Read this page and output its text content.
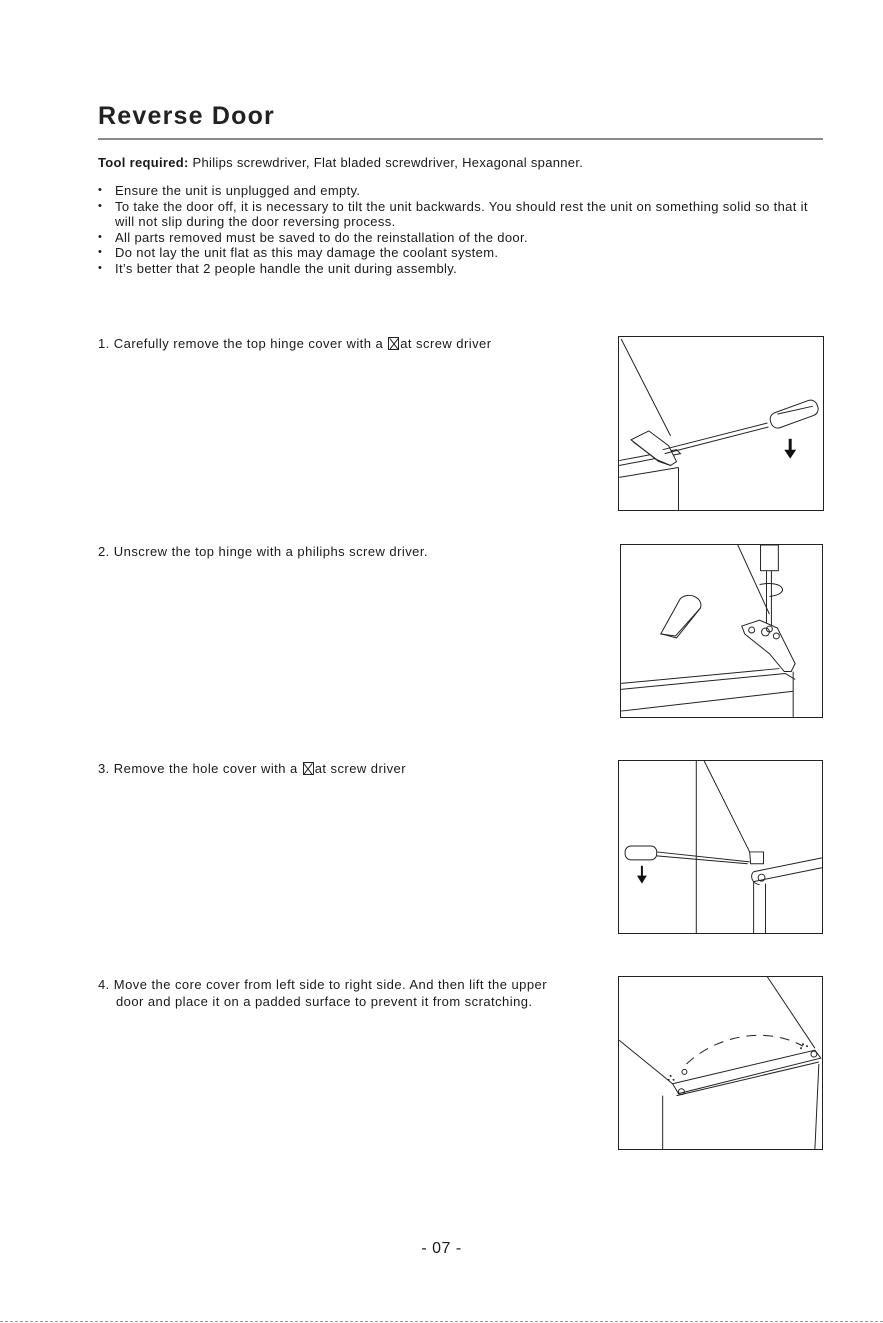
Reverse Door
Tool required: Philips screwdriver, Flat bladed screwdriver, Hexagonal spanner.
• Ensure the unit is unplugged and empty.
• To take the door off, it is necessary to tilt the unit backwards. You should rest the unit on something solid so that it will not slip during the door reversing process.
• All parts removed must be saved to do the reinstallation of the door.
• Do not lay the unit flat as this may damage the coolant system.
• It’s better that 2 people handle the unit during assembly.
1. Carefully remove the top hinge cover with a at screw driver
2. Unscrew the top hinge with a philiphs screw driver.
3. Remove the hole cover with a at screw driver
4. Move the core cover from left side to right side. And then lift the upper
door and place it on a padded surface to prevent it from scratching.
- 07 -
